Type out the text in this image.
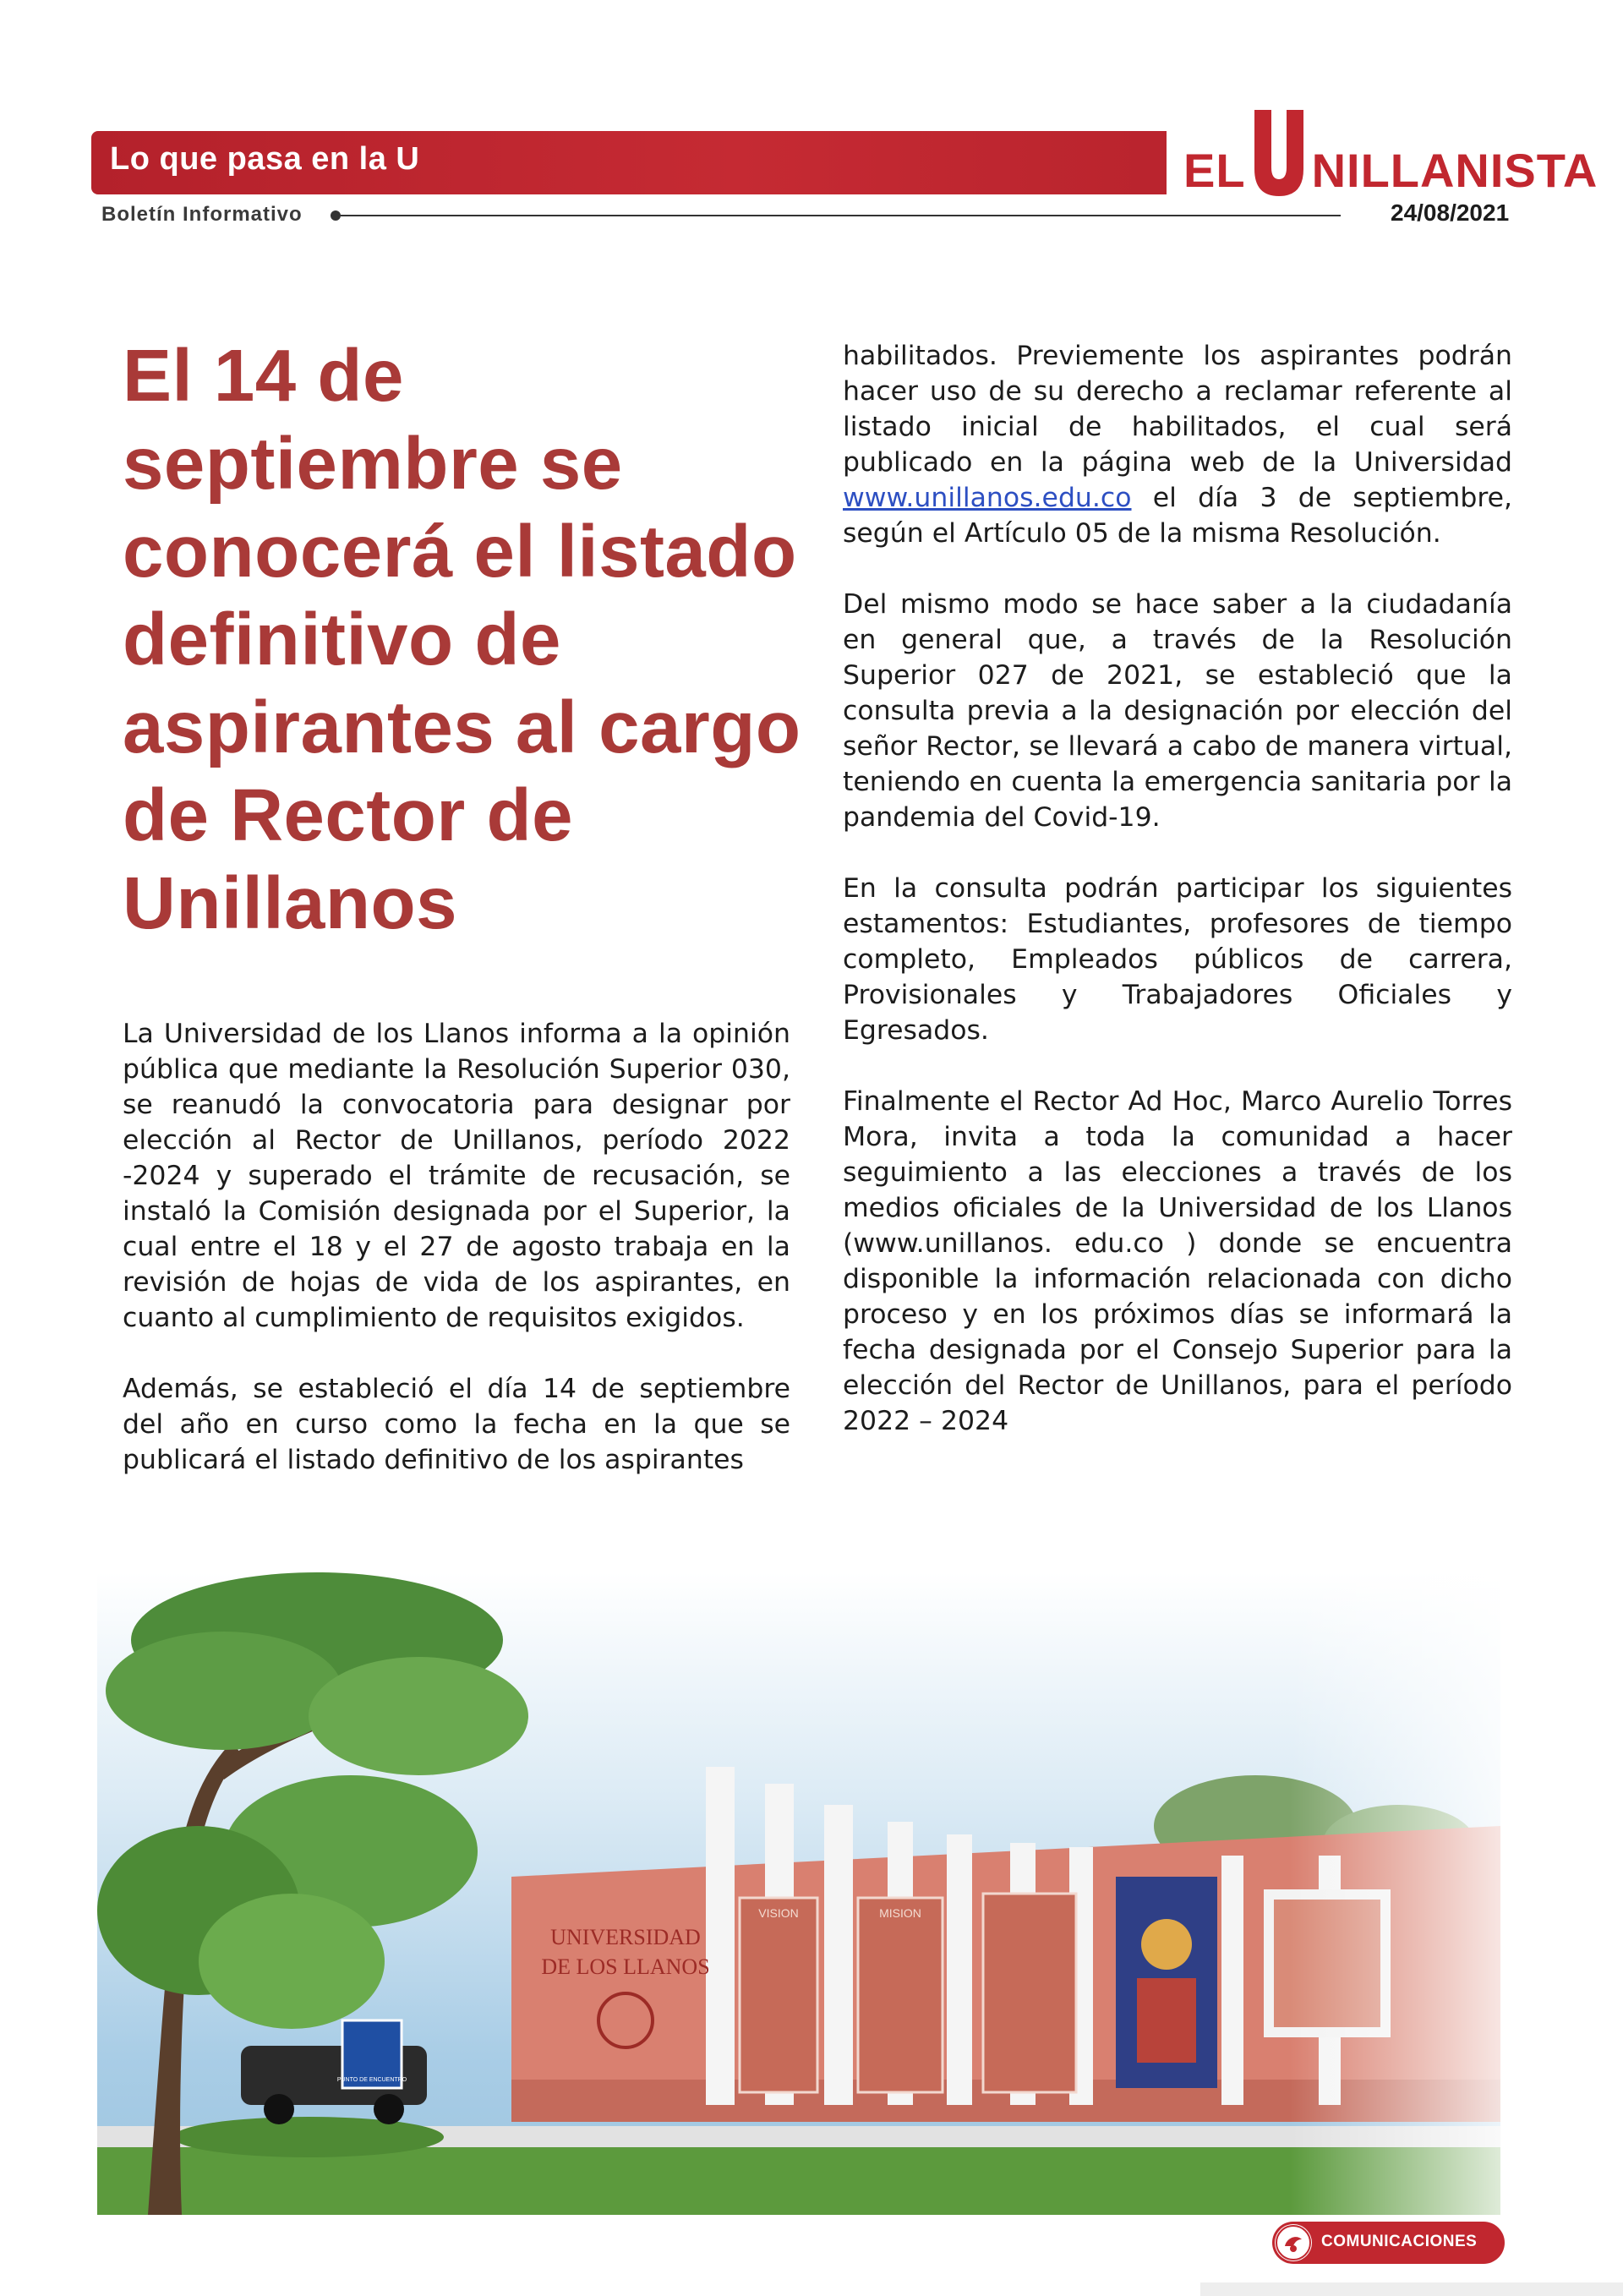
Lo que pasa en la U	EL NILLANISTA
Boletín Informativo	24/08/2021
El 14 de septiembre se conocerá el listado definitivo de aspirantes al cargo de Rector de Unillanos

La Universidad de los Llanos informa a la opinión pública que mediante la Resolución Superior 030, se reanudó la convocatoria para designar por elección al Rector de Unillanos, período 2022 -2024 y superado el trámite de recusación, se instaló la Comisión designada por el Superior, la cual entre el 18 y el 27 de agosto trabaja en la revisión de hojas de vida de los aspirantes, en cuanto al cumplimiento de requisitos exigidos.

Además, se estableció el día 14 de septiembre del año en curso como la fecha en la que se publicará el listado definitivo de los aspirantes

habilitados. Previemente los aspirantes podrán hacer uso de su derecho a reclamar referente al listado inicial de habilitados, el cual será publicado en la página web de la Universidad www.unillanos.edu.co el día 3 de septiembre, según el Artículo 05 de la misma Resolución.

Del mismo modo se hace saber a la ciudadanía en general que, a través de la Resolución Superior 027 de 2021, se estableció que la consulta previa a la designación por elección del señor Rector, se llevará a cabo de manera virtual, teniendo en cuenta la emergencia sanitaria por la pandemia del Covid-19.

En la consulta podrán participar los siguientes estamentos: Estudiantes, profesores de tiempo completo, Empleados públicos de carrera, Provisionales y Trabajadores Oficiales y Egresados.

Finalmente el Rector Ad Hoc, Marco Aurelio Torres Mora, invita a toda la comunidad a hacer seguimiento a las elecciones a través de los medios oficiales de la Universidad de los Llanos (www.unillanos. edu.co ) donde se encuentra disponible la información relacionada con dicho proceso y en los próximos días se informará la fecha designada por el Consejo Superior para la elección del Rector de Unillanos, para el período 2022 – 2024

COMUNICACIONES
